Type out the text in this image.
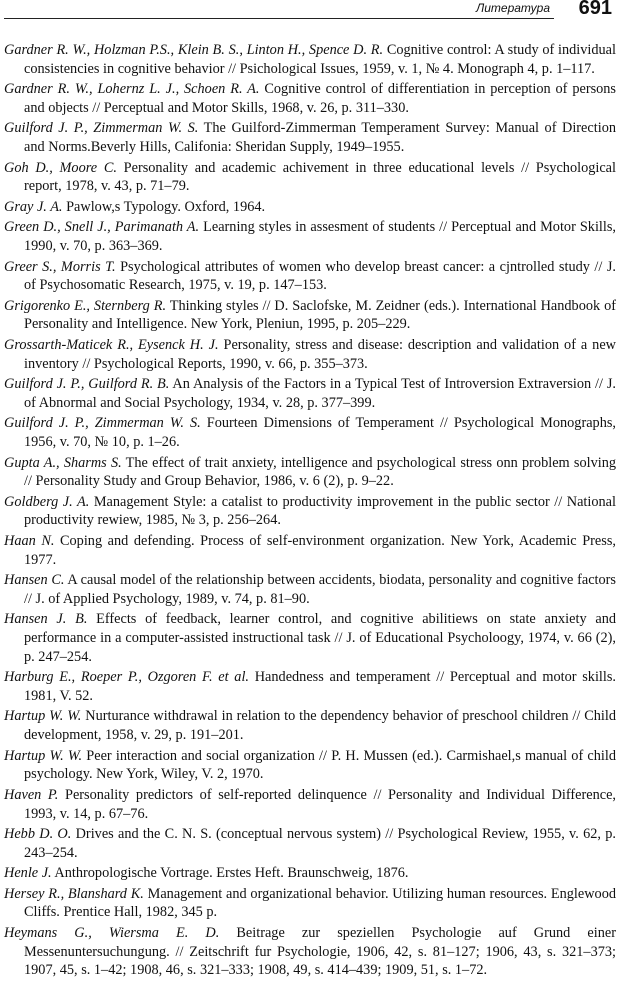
Литература 691
Gardner R. W., Holzman P.S., Klein B. S., Linton H., Spence D. R. Cognitive control: A study of individual consistencies in cognitive behavior // Psichological Issues, 1959, v. 1, № 4. Monograph 4, p. 1–117.
Gardner R. W., Lohernz L. J., Schoen R. A. Cognitive control of differentiation in perception of persons and objects // Perceptual and Motor Skills, 1968, v. 26, p. 311–330.
Guilford J. P., Zimmerman W. S. The Guilford-Zimmerman Temperament Survey: Manual of Direction and Norms.Beverly Hills, Califonia: Sheridan Supply, 1949–1955.
Goh D., Moore C. Personality and academic achivement in three educational levels // Psychological report, 1978, v. 43, p. 71–79.
Gray J. A. Pawlow,s Typology. Oxford, 1964.
Green D., Snell J., Parimanath A. Learning styles in assesment of students // Perceptual and Motor Skills, 1990, v. 70, p. 363–369.
Greer S., Morris T. Psychological attributes of women who develop breast cancer: a cjntrolled study // J. of Psychosomatic Research, 1975, v. 19, p. 147–153.
Grigorenko E., Sternberg R. Thinking styles // D. Saclofske, M. Zeidner (eds.). International Handbook of Personality and Intelligence. New York, Pleniun, 1995, p. 205–229.
Grossarth-Maticek R., Eysenck H. J. Personality, stress and disease: description and validation of a new inventory // Psychological Reports, 1990, v. 66, p. 355–373.
Guilford J. P., Guilford R. B. An Analysis of the Factors in a Typical Test of Introversion Extraversion // J. of Abnormal and Social Psychology, 1934, v. 28, p. 377–399.
Guilford J. P., Zimmerman W. S. Fourteen Dimensions of Temperament // Psychological Monographs, 1956, v. 70, № 10, p. 1–26.
Gupta A., Sharms S. The effect of trait anxiety, intelligence and psychological stress onn problem solving // Personality Study and Group Behavior, 1986, v. 6 (2), p. 9–22.
Goldberg J. A. Management Style: a catalist to productivity improvement in the public sector // National productivity rewiew, 1985, № 3, p. 256–264.
Haan N. Coping and defending. Process of self-environment organization. New York, Academic Press, 1977.
Hansen C. A causal model of the relationship between accidents, biodata, personality and cognitive factors // J. of Applied Psychology, 1989, v. 74, p. 81–90.
Hansen J. B. Effects of feedback, learner control, and cognitive abilitiews on state anxiety and performance in a computer-assisted instructional task // J. of Educational Psycholoogy, 1974, v. 66 (2), p. 247–254.
Harburg E., Roeper P., Ozgoren F. et al. Handedness and temperament // Perceptual and motor skills. 1981, V. 52.
Hartup W. W. Nurturance withdrawal in relation to the dependency behavior of preschool children // Child development, 1958, v. 29, p. 191–201.
Hartup W. W. Peer interaction and social organization // P. H. Mussen (ed.). Carmishael,s manual of child psychology. New York, Wiley, V. 2, 1970.
Haven P. Personality predictors of self-reported delinquence // Personality and Individual Difference, 1993, v. 14, p. 67–76.
Hebb D. O. Drives and the C. N. S. (conceptual nervous system) // Psychological Review, 1955, v. 62, p. 243–254.
Henle J. Anthropologische Vortrage. Erstes Heft. Braunschweig, 1876.
Hersey R., Blanshard K. Management and organizational behavior. Utilizing human resources. Englewood Cliffs. Prentice Hall, 1982, 345 p.
Heymans G., Wiersma E. D. Beitrage zur speziellen Psychologie auf Grund einer Messenuntersuchungung. // Zeitschrift fur Psychologie, 1906, 42, s. 81–127; 1906, 43, s. 321–373; 1907, 45, s. 1–42; 1908, 46, s. 321–333; 1908, 49, s. 414–439; 1909, 51, s. 1–72.
